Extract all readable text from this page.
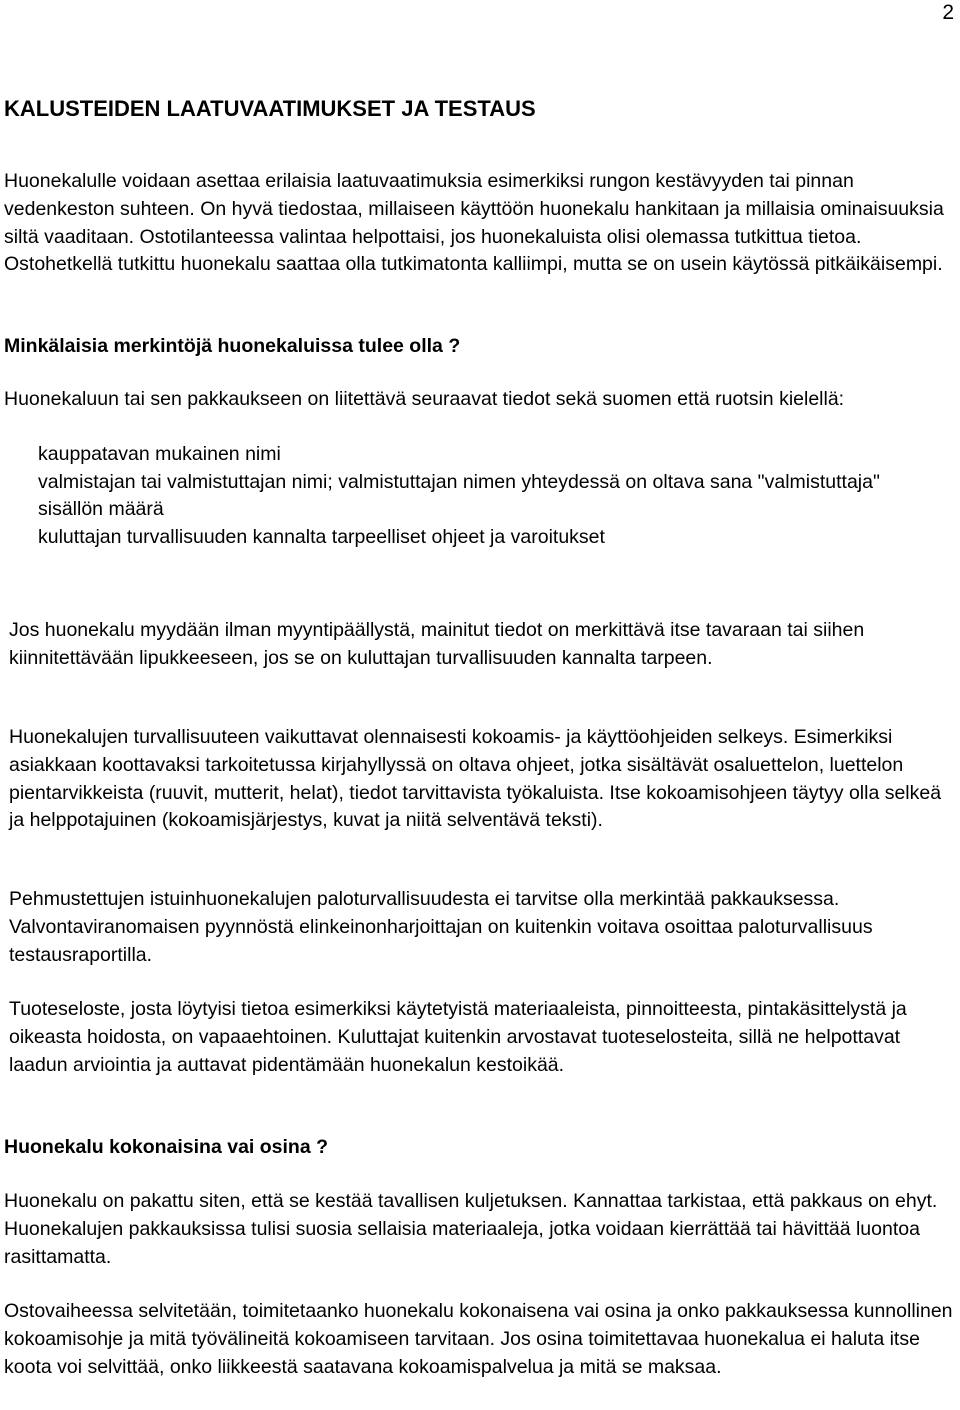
2
KALUSTEIDEN LAATUVAATIMUKSET JA TESTAUS

Huonekalulle voidaan asettaa erilaisia laatuvaatimuksia esimerkiksi rungon kestävyyden tai pinnan vedenkeston suhteen. On hyvä tiedostaa, millaiseen käyttöön huonekalu hankitaan ja millaisia ominaisuuksia siltä vaaditaan. Ostotilanteessa valintaa helpottaisi, jos huonekaluista olisi olemassa tutkittua tietoa. Ostohetkellä tutkittu huonekalu saattaa olla tutkimatonta kalliimpi, mutta se on usein käytössä pitkäikäisempi.

Minkälaisia merkintöjä huonekaluissa tulee olla ?

Huonekaluun tai sen pakkaukseen on liitettävä seuraavat tiedot sekä suomen että ruotsin kielellä:

kauppatavan mukainen nimi
valmistajan tai valmistuttajan nimi; valmistuttajan nimen yhteydessä on oltava sana "valmistuttaja"
sisällön määrä
kuluttajan turvallisuuden kannalta tarpeelliset ohjeet ja varoitukset

Jos huonekalu myydään ilman myyntipäällystä, mainitut tiedot on merkittävä itse tavaraan tai siihen kiinnitettävään lipukkeeseen, jos se on kuluttajan turvallisuuden kannalta tarpeen.

Huonekalujen turvallisuuteen vaikuttavat olennaisesti kokoamis- ja käyttöohjeiden selkeys. Esimerkiksi asiakkaan koottavaksi tarkoitetussa kirjahyllyssä on oltava ohjeet, jotka sisältävät osaluettelon, luettelon pientarvikkeista (ruuvit, mutterit, helat), tiedot tarvittavista työkaluista. Itse kokoamisohjeen täytyy olla selkeä ja helppotajuinen (kokoamisjärjestys, kuvat ja niitä selventävä teksti).

Pehmustettujen istuinhuonekalujen paloturvallisuudesta ei tarvitse olla merkintää pakkauksessa. Valvontaviranomaisen pyynnöstä elinkeinonharjoittajan on kuitenkin voitava osoittaa paloturvallisuus testausraportilla.

Tuoteseloste, josta löytyisi tietoa esimerkiksi käytetyistä materiaaleista, pinnoitteesta, pintakäsittelystä ja oikeasta hoidosta, on vapaaehtoinen. Kuluttajat kuitenkin arvostavat tuoteselosteita, sillä ne helpottavat laadun arviointia ja auttavat pidentämään huonekalun kestoikää.

Huonekalu kokonaisina vai osina ?

Huonekalu on pakattu siten, että se kestää tavallisen kuljetuksen. Kannattaa tarkistaa, että pakkaus on ehyt. Huonekalujen pakkauksissa tulisi suosia sellaisia materiaaleja, jotka voidaan kierrättää tai hävittää luontoa rasittamatta.

Ostovaiheessa selvitetään, toimitetaanko huonekalu kokonaisena vai osina ja onko pakkauksessa kunnollinen kokoamisohje ja mitä työvälineitä kokoamiseen tarvitaan. Jos osina toimitettavaa huonekalua ei haluta itse koota voi selvittää, onko liikkeestä saatavana kokoamispalvelua ja mitä se maksaa.
